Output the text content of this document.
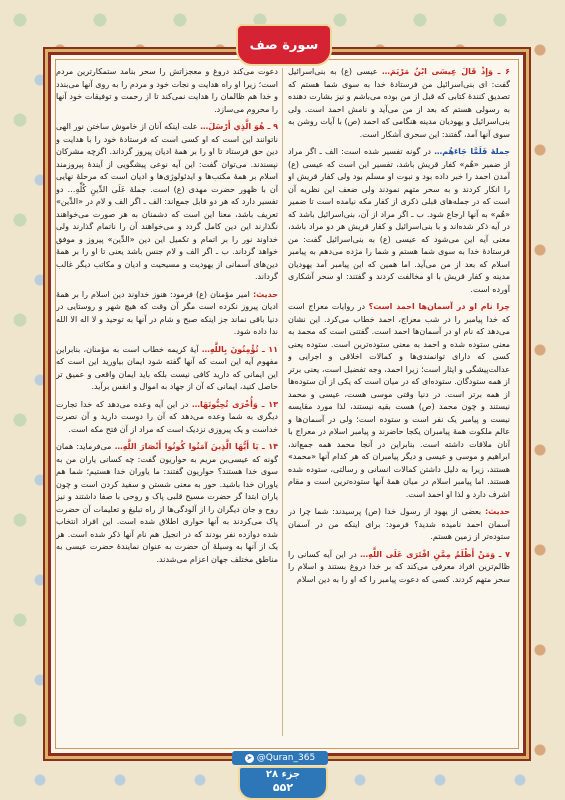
سورة صف

۶ ـ وَإِذْ قَالَ عِيسَى ابْنُ مَرْيَمَ… عیسی (ع) به بنی‌اسرائیل گفت: ای بنی‌اسرائیل من فرستادۀ خدا به سوی شما هستم که تصدیق کنندۀ کتابی که قبل از من بوده می‌باشم و نیز بشارت دهنده به رسولی هستم که بعد از من می‌آید و نامش احمد است. ولی بنی‌اسرائیل و یهودیان مدینه هنگامی که احمد (ص) با آیات روشن به سوی آنها آمد، گفتند: این سحری آشکار است.

جملۀ فَلَمَّا جَاءَهُم… در گونه تفسیر شده است: الف ـ اگر مراد از ضمیر «هُم» کفار قریش باشد، تفسیر این است که عیسی (ع) آمدن احمد را خبر داده بود و نبوت او مسلم بود ولی کفار قریش او را انکار کردند و به سحر متهم نمودند ولی ضعف این نظریه آن است که در جمله‌های قبلی ذکری از کفار مکه نیامده است تا ضمیر «هُم» به آنها ارجاع شود. ب ـ اگر مراد از آن، بنی‌اسرائیل باشد که در آیه ذکر شده‌اند و با بنی‌اسرائیل و کفار قریش هر دو مراد باشد، معنی آیه این می‌شود که عیسی (ع) به بنی‌اسرائیل گفت: من فرستادۀ خدا به سوی شما هستم و شما را مژده می‌دهم به پیامبر اسلام که بعد از من می‌آید. اما همین که این پیامبر آمد یهودیان مدینه و کفار قریش با او مخالفت کردند و گفتند: او سحر آشکاری آورده است.

چرا نام او در آسمان‌ها احمد است؟ در روایات معراج است که خدا پیامبر را در شب معراج، احمد خطاب می‌کرد. این نشان می‌دهد که نام او در آسمان‌ها احمد است. گفتنی است که محمد به معنی ستوده شده و احمد به معنی ستوده‌ترین است. ستوده یعنی کسی که دارای توانمندی‌ها و کمالات اخلاقی و اجرایی و عدالت‌پیشگی و ایثار است؛ زیرا احمد، وجه تفضیل است، یعنی برتر از همه ستودگان. ستوده‌ای که در میان است که یکی از آن ستوده‌ها از همه برتر است. در دنیا وقتی موسی هست، عیسی و محمد نیستند و چون محمد (ص) هست بقیه نیستند، لذا مورد مقایسه نیست و پیامبر یک نفر است و ستوده است؛ ولی در آسمان‌ها و عالم ملکوت همۀ پیامبران یکجا حاضرند و پیامبر اسلام در معراج با آنان ملاقات داشته است. بنابراین در آنجا محمد همه جمع‌اند، ابراهیم و موسی و عیسی و دیگر پیامبران که هر کدام آنها «محمد» هستند، زیرا به دلیل داشتن کمالات انسانی و رسالتی، ستوده شده هستند. اما پیامبر اسلام در میان همۀ آنها ستوده‌ترین است و مقام اشرف دارد و لذا او احمد است.

حدیث: بعضی از یهود از رسول خدا (ص) پرسیدند: شما چرا در آسمان احمد نامیده شدید؟ فرمود: برای اینکه من در آسمان ستوده‌تر از زمین هستم.

۷ ـ وَمَنْ أَظْلَمُ مِمَّنِ افْتَرَى عَلَى اللَّهِ… در این آیه کسانی را ظالم‌ترین افراد معرفی می‌کند که بر خدا دروغ بستند و اسلام را سحر متهم کردند. کسی که دعوت پیامبر را که او را به دین اسلام

دعوت می‌کند دروغ و معجزاتش را سحر بنامد ستمکارترین مردم است؛ زیرا او راه هدایت و نجات خود و مردم را به روی آنها می‌بندد و خدا هم ظالمان را هدایت نمی‌کند تا از رحمت و توفیقات خود آنها را محروم می‌سازد.

۹ ـ هُوَ الَّذِي أَرْسَلَ… علت اینکه آنان از خاموش ساختن نور الهی ناتوانند این است که او کسی است که فرستادۀ خود را با هدایت و دین حق فرستاد تا او را بر همۀ ادیان پیروز گرداند. اگرچه مشرکان نپسندند. می‌توان گفت: این آیه نوعی پیشگویی از آیندۀ پیروزمند اسلام بر همۀ مکتب‌ها و ایدئولوژی‌ها و ادیان است که مرحلۀ نهایی آن با ظهور حضرت مهدی (ع) است. جملۀ عَلَى الدِّينِ كُلِّهِ… دو تفسیر دارد که هر دو قابل جمع‌اند: الف ـ اگر الف و لام در «الدِّين» تعریف باشد، معنا این است که دشمنان به هر صورت می‌خواهند نگذارند این دین کامل گردد و می‌خواهند آن را ناتمام گذارند ولی خداوند نور را بر اتمام و تکمیل این دین «الدِّين» پیروز و موفق خواهد گرداند. ب ـ اگر الف و لام جنس باشد یعنی تا او را بر همۀ دین‌های آسمانی از یهودیت و مسیحیت و ادیان و مکاتب دیگر غالب گرداند.

حدیث: امیر مؤمنان (ع) فرمود: هنوز خداوند دین اسلام را بر همۀ ادیان پیروز نکرده است مگر آن وقت که هیچ شهر و روستایی در دنیا باقی نماند جز اینکه صبح و شام در آنها به توحید و لا اله الا الله ندا داده شود.

۱۱ ـ تُؤْمِنُونَ بِاللَّهِ… آیۀ کریمه خطاب است به مؤمنان، بنابراین مفهوم آیه این است که آنها گفته شود ایمان بیاورید این است که این ایمانی که دارید کافی نیست بلکه باید ایمان واقعی و عمیق تر حاصل کنید، ایمانی که آن از جهاد به اموال و انفس برآید.

۱۳ ـ وَأُخْرَى تُحِبُّونَهَا… در این آیه وعده می‌دهد که خدا تجارت دیگری به شما وعده می‌دهد که آن را دوست دارید و آن نصرت خداست و یک پیروزی نزدیک است که مراد از آن فتح مکه است.

۱۴ ـ يَا أَيُّهَا الَّذِينَ آمَنُوا كُونُوا أَنْصَارَ اللَّهِ… می‌فرماید: همان گونه که عیسی‌بن مریم به حواریون گفت: چه کسانی یاران من به سوی خدا هستند؟ حواریون گفتند: ما یاوران خدا هستیم؛ شما هم یاوران خدا باشید. حور به معنی شستن و سفید کردن است و چون یاران ابتدا گر حضرت مسیح قلبی پاک و روحی با صفا داشتند و نیز روح و جان دیگران را از آلودگی‌ها از راه تبلیغ و تعلیمات آن حضرت پاک می‌کردند به آنها حواری اطلاق شده است. این افراد انتخاب شده دوازده نفر بودند که در انجیل هم نام آنها ذکر شده است. هر یک از آنها به وسیلۀ آن حضرت به عنوان نمایندۀ حضرت عیسی به مناطق مختلف جهان اعزام می‌شدند.

➤ @Quran_365
جزء ۲۸
۵۵۲
